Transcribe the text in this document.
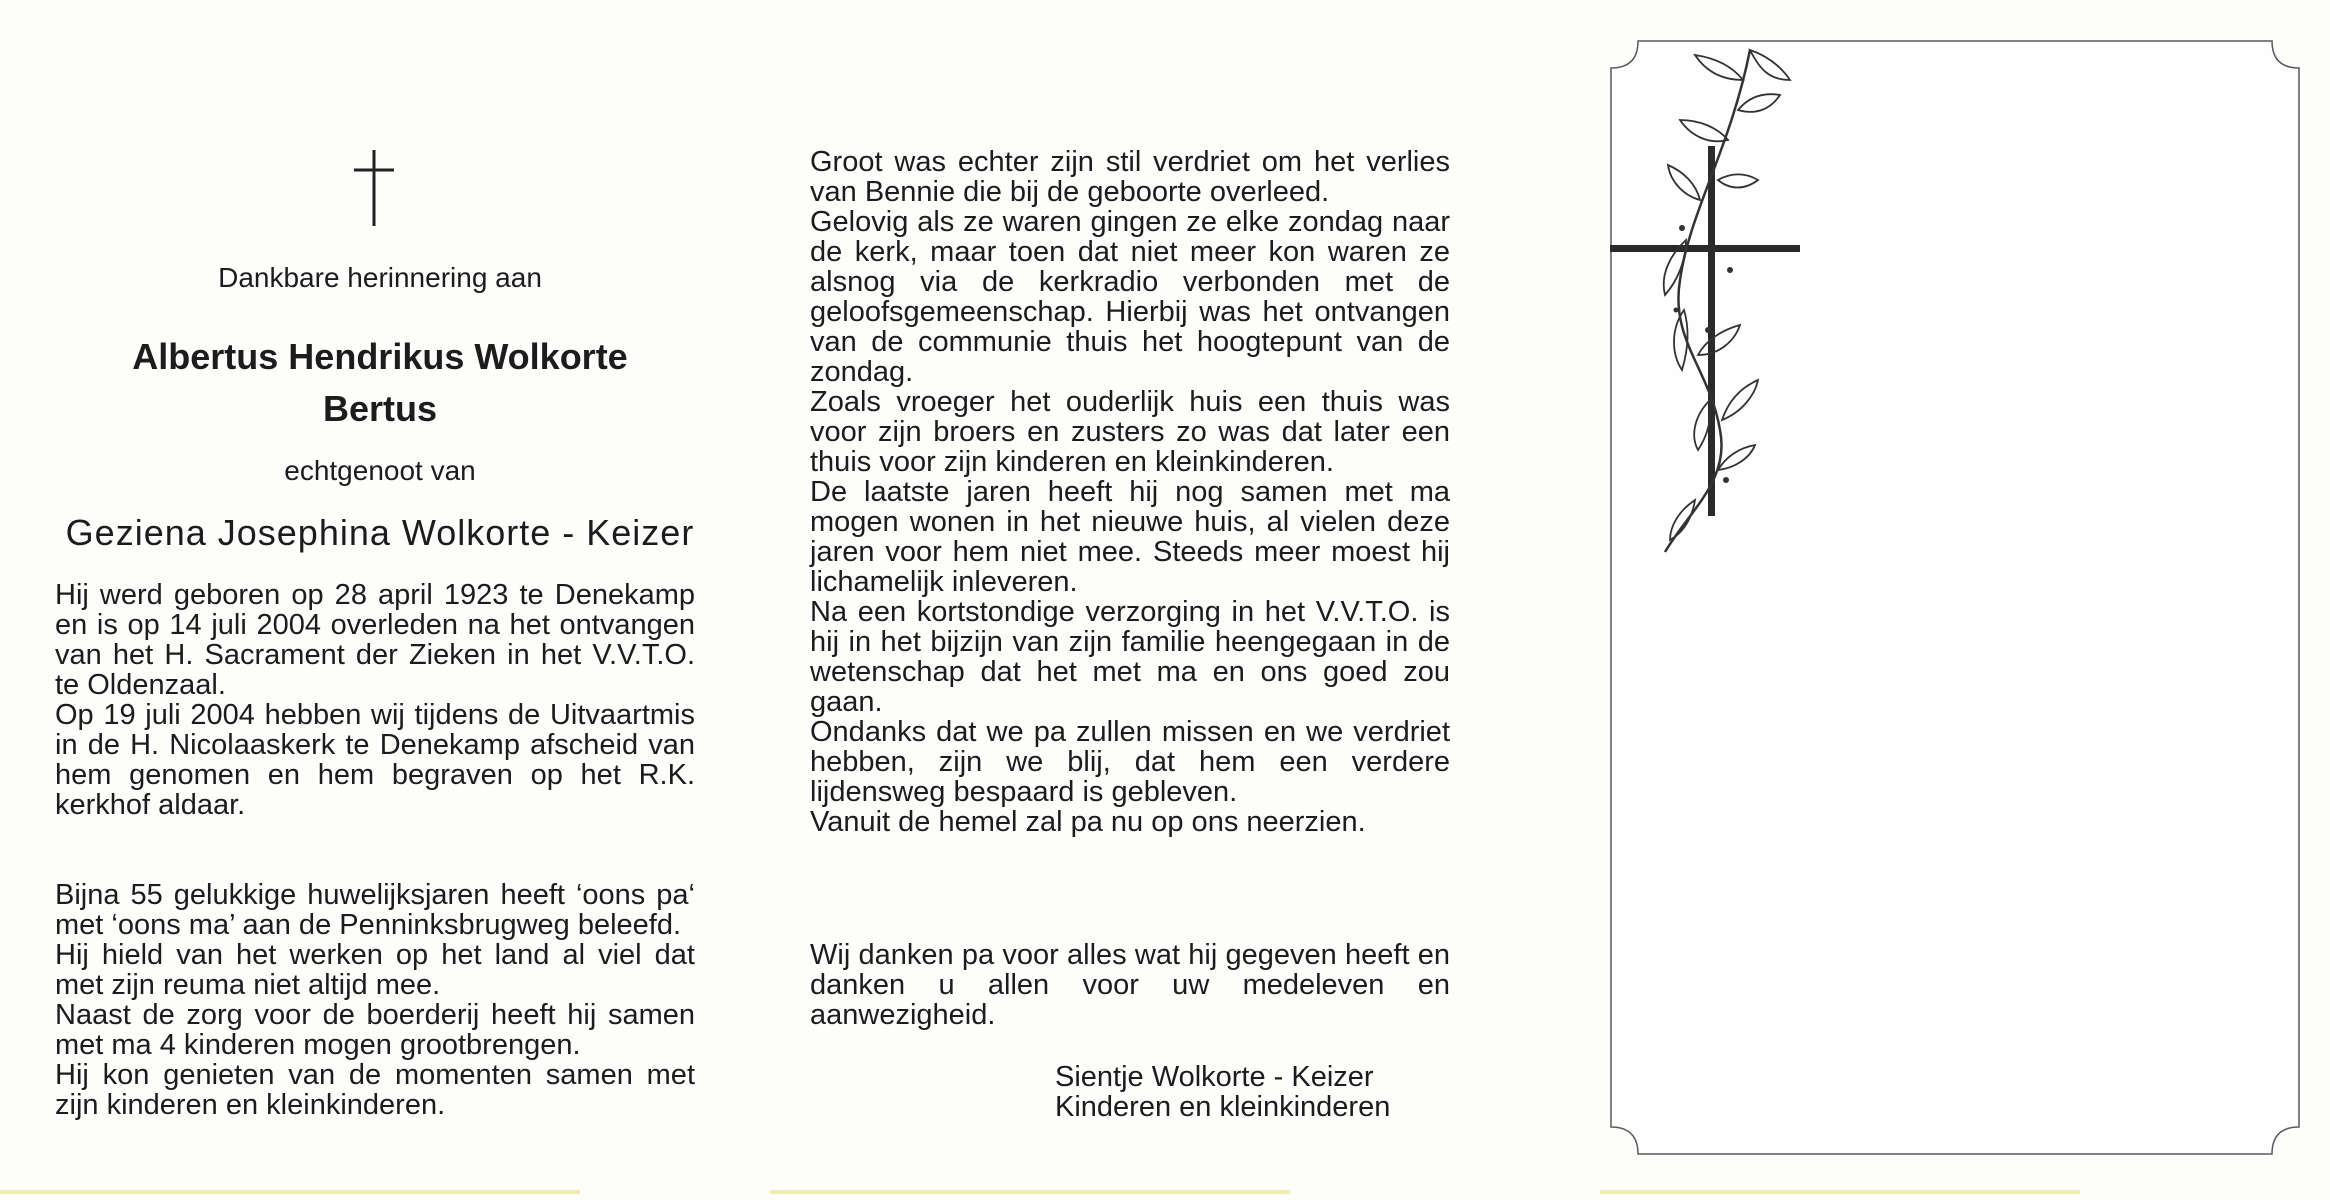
Dankbare herinnering aan
Albertus Hendrikus Wolkorte
Bertus
echtgenoot van
Geziena Josephina Wolkorte - Keizer

Hij werd geboren op 28 april 1923 te Denekamp en is op 14 juli 2004 overleden na het ontvangen van het H. Sacrament der Zieken in het V.V.T.O. te Oldenzaal.

Op 19 juli 2004 hebben wij tijdens de Uitvaartmis in de H. Nicolaaskerk te Denekamp afscheid van hem genomen en hem begraven op het R.K. kerkhof aldaar.

Bijna 55 gelukkige huwelijksjaren heeft ‘oons pa‘ met ‘oons ma’ aan de Penninksbrugweg beleefd.

Hij hield van het werken op het land al viel dat met zijn reuma niet altijd mee.

Naast de zorg voor de boerderij heeft hij samen met ma 4 kinderen mogen grootbrengen.

Hij kon genieten van de momenten samen met zijn kinderen en kleinkinderen.

Groot was echter zijn stil verdriet om het verlies van Bennie die bij de geboorte overleed.

Gelovig als ze waren gingen ze elke zondag naar de kerk, maar toen dat niet meer kon waren ze alsnog via de kerkradio verbonden met de geloofsgemeenschap. Hierbij was het ontvangen van de communie thuis het hoogtepunt van de zondag.

Zoals vroeger het ouderlijk huis een thuis was voor zijn broers en zusters zo was dat later een thuis voor zijn kinderen en kleinkinderen.

De laatste jaren heeft hij nog samen met ma mogen wonen in het nieuwe huis, al vielen deze jaren voor hem niet mee. Steeds meer moest hij lichamelijk inleveren.

Na een kortstondige verzorging in het V.V.T.O. is hij in het bijzijn van zijn familie heengegaan in de wetenschap dat het met ma en ons goed zou gaan.

Ondanks dat we pa zullen missen en we verdriet hebben, zijn we blij, dat hem een verdere lijdensweg bespaard is gebleven.

Vanuit de hemel zal pa nu op ons neerzien.

Wij danken pa voor alles wat hij gegeven heeft en danken u allen voor uw medeleven en aanwezigheid.

Sientje Wolkorte - Keizer

Kinderen en kleinkinderen
